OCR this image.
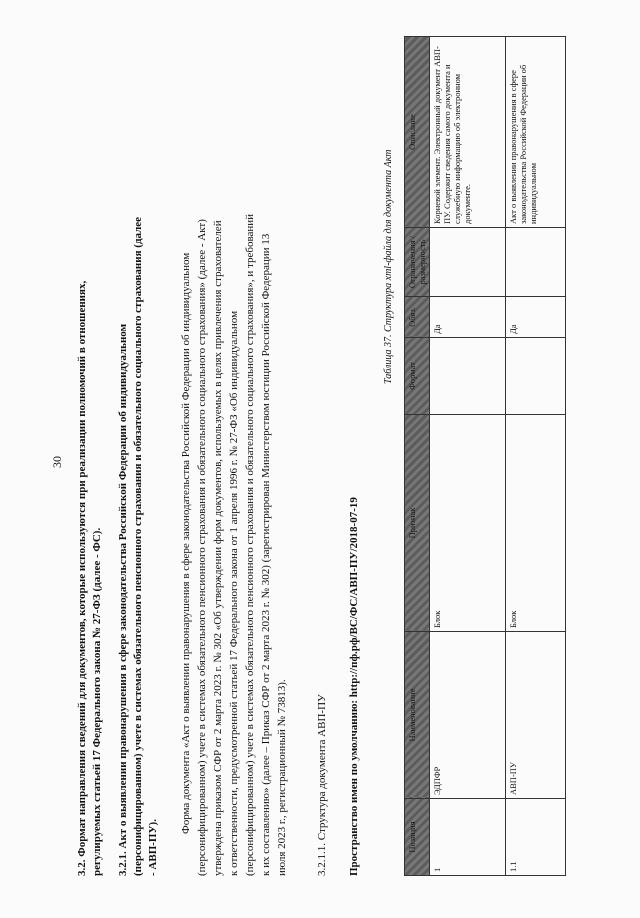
30 3.2. Формат направления сведений для документов, которые используются при реализации полномочий в отношениях, регулируемых статьей 17 Федерального закона № 27-ФЗ (далее - ФС). 3.2.1. Акт о выявлении правонарушения в сфере законодательства Российской Федерации об индивидуальном (персонифицированном) учете в системах обязательного пенсионного страхования и обязательного социального страхования (далее - АВП-ПУ).
Форма документа «Акт о выявлении правонарушения в сфере законодательства Российской Федерации об индивидуальном (персонифицированном) учете в системах обязательного пенсионного страхования и обязательного социального страхования» (далее - Акт) утверждена приказом СФР от 2 марта 2023 г. № 302 «Об утверждении форм документов, используемых в целях привлечения страхователей к ответственности, предусмотренной статьей 17 Федерального закона от 1 апреля 1996 г. № 27-ФЗ «Об индивидуальном (персонифицированном) учете в системах обязательного пенсионного страхования и обязательного социального страхования», и требований к их составлению» (далее – Приказ СФР от 2 марта 2023 г. № 302) (зарегистрирован Министерством юстиции Российской Федерации 13 июля 2023 г., регистрационный № 73813).	3.2.1.1. Структура документа АВП-ПУ Пространство имен по умолчанию: http://пф.рф/ВС/ФС/АВП-ПУ/2018-07-19
Таблица 37. Структура xml-файла для документа Акт
Позиция	Наименование	Признак	Формат	Обяз.	Ограничения / размерность	Описание
1	ЭДПФР	Блок		Да		Корневой элемент. Электронный документ АВП-ПУ. Содержит сведения самого документа и служебную информацию об электронном документе.
1.1	АВП-ПУ	Блок		Да		Акт о выявлении правонарушения в сфере законодательства Российской Федерации об индивидуальном
